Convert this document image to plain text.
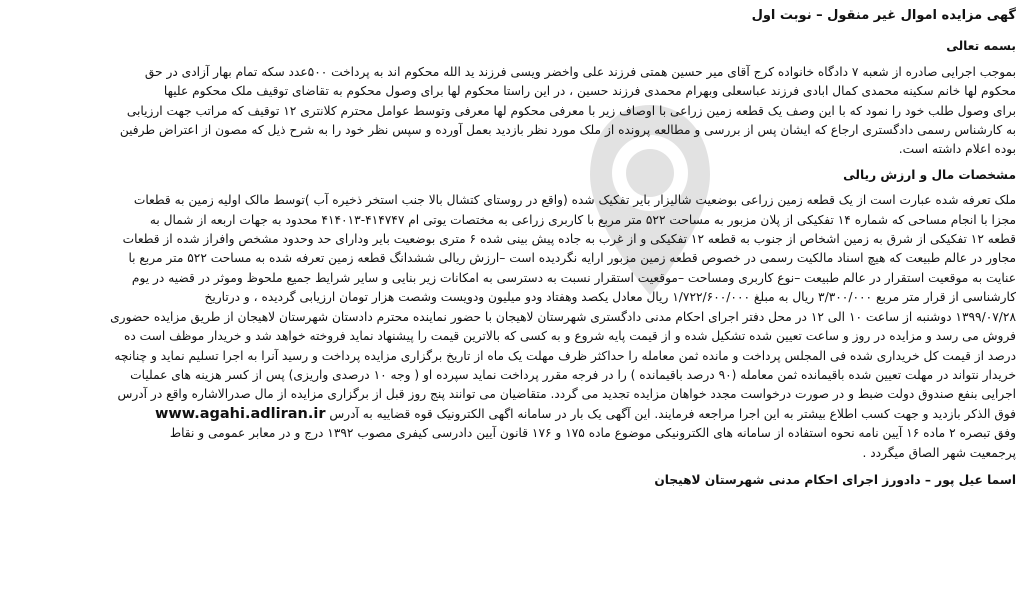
گهی مزایده اموال غیر منقول – نوبت اول
بسمه تعالی
بموجب اجرایی صادره از شعبه ۷ دادگاه خانواده کرج آقای میر حسین همتی فرزند علی واخضر ویسی فرزند ید الله محکوم اند به پرداخت ۵۰۰عدد سکه تمام بهار آزادی در حق
محکوم لها خانم سکینه محمدی کمال ابادی فرزند عباسعلی وبهرام محمدی فرزند حسین ، در این راستا محکوم لها برای وصول محکوم به تقاضای توقیف ملک محکوم علیها
برای وصول طلب خود را نمود که با این وصف یک قطعه زمین زراعی با اوصاف زیر با معرفی محکوم لها معرفی وتوسط عوامل محترم کلانتری ۱۲ توقیف که مراتب جهت ارزیابی
به کارشناس رسمی دادگستری ارجاع که ایشان پس از بررسی و مطالعه پرونده از ملک مورد نظر بازدید بعمل آورده و سپس نظر خود را به شرح ذیل که مصون از اعتراض طرفین
بوده اعلام داشته است.
مشخصات مال و ارزش ریالی
ملک تعرفه شده عبارت است از یک قطعه زمین زراعی بوضعیت شالیزار بایر تفکیک شده (واقع در روستای کتشال بالا جنب استخر ذخیره آب )توسط مالک اولیه زمین به قطعات
مجزا با انجام مساحی که شماره ۱۴ تفکیکی از پلان مزبور به مساحت ۵۲۲ متر مربع با کاربری زراعی به مختصات یوتی ام ۴۱۴۷۴۷-۴۱۴۰۱۳ محدود به جهات اربعه از شمال به
قطعه ۱۲ تفکیکی از شرق به زمین اشخاص از جنوب به قطعه ۱۲ تفکیکی و از غرب به جاده پیش بینی شده ۶ متری بوضعیت بایر ودارای حد وحدود مشخص وافراز شده از قطعات
مجاور در عالم طبیعت که هیچ اسناد مالکیت رسمی در خصوص قطعه زمین مزبور ارایه نگردیده است –ارزش ریالی ششدانگ قطعه زمین تعرفه شده به مساحت ۵۲۲ متر مربع با
عنایت به موقعیت استقرار در عالم طبیعت –نوع کاربری ومساحت –موقعیت استقرار نسبت به دسترسی به امکانات زیر بنایی و سایر شرایط جمیع ملحوظ وموثر در قضیه در یوم
کارشناسی از قرار متر مربع ۳/۳۰۰/۰۰۰ ریال به مبلغ ۱/۷۲۲/۶۰۰/۰۰۰ ریال معادل یکصد وهفتاد ودو میلیون ودویست وشصت هزار تومان ارزیابی گردیده ، و درتاریخ
۱۳۹۹/۰۷/۲۸ دوشنبه از ساعت ۱۰ الی ۱۲ در محل دفتر اجرای احکام مدنی دادگستری شهرستان لاهیجان با حضور نماینده محترم دادستان شهرستان لاهیجان از طریق مزایده حضوری
فروش می رسد و مزایده در روز و ساعت تعیین شده تشکیل شده و از قیمت پایه شروع و به کسی که بالاترین قیمت را پیشنهاد نماید فروخته خواهد شد و خریدار موظف است ده
درصد از قیمت کل خریداری شده فی المجلس پرداخت و مانده ثمن معامله را حداکثر ظرف مهلت یک ماه از تاریخ برگزاری مزایده پرداخت و رسید آنرا به اجرا تسلیم نماید و چنانچه
خریدار نتواند در مهلت تعیین شده باقیمانده ثمن معامله (۹۰ درصد باقیمانده ) را در فرجه مقرر پرداخت نماید سپرده او ( وجه ۱۰ درصدی واریزی) پس از کسر هزینه های عملیات
اجرایی بنفع صندوق دولت ضبط و در صورت درخواست مجدد خواهان مزایده تجدید می گردد. متقاضیان می توانند پنج روز قبل از برگزاری مزایده از مال صدرالاشاره واقع در آدرس
فوق الذکر بازدید و جهت کسب اطلاع بیشتر به این اجرا مراجعه فرمایند. این آگهی یک بار در سامانه اگهی الکترونیک قوه قضاییه به آدرس www.agahi.adliran.ir
وفق تبصره ۲ ماده ۱۶ آیین نامه نحوه استفاده از سامانه های الکترونیکی موضوع ماده ۱۷۵ و ۱۷۶ قانون آیین دادرسی کیفری مصوب ۱۳۹۲ درج و در معابر عمومی و نقاط
پرجمعیت شهر الصاق میگردد .
اسما عیل پور – دادورز اجرای احکام مدنی شهرستان لاهیجان
